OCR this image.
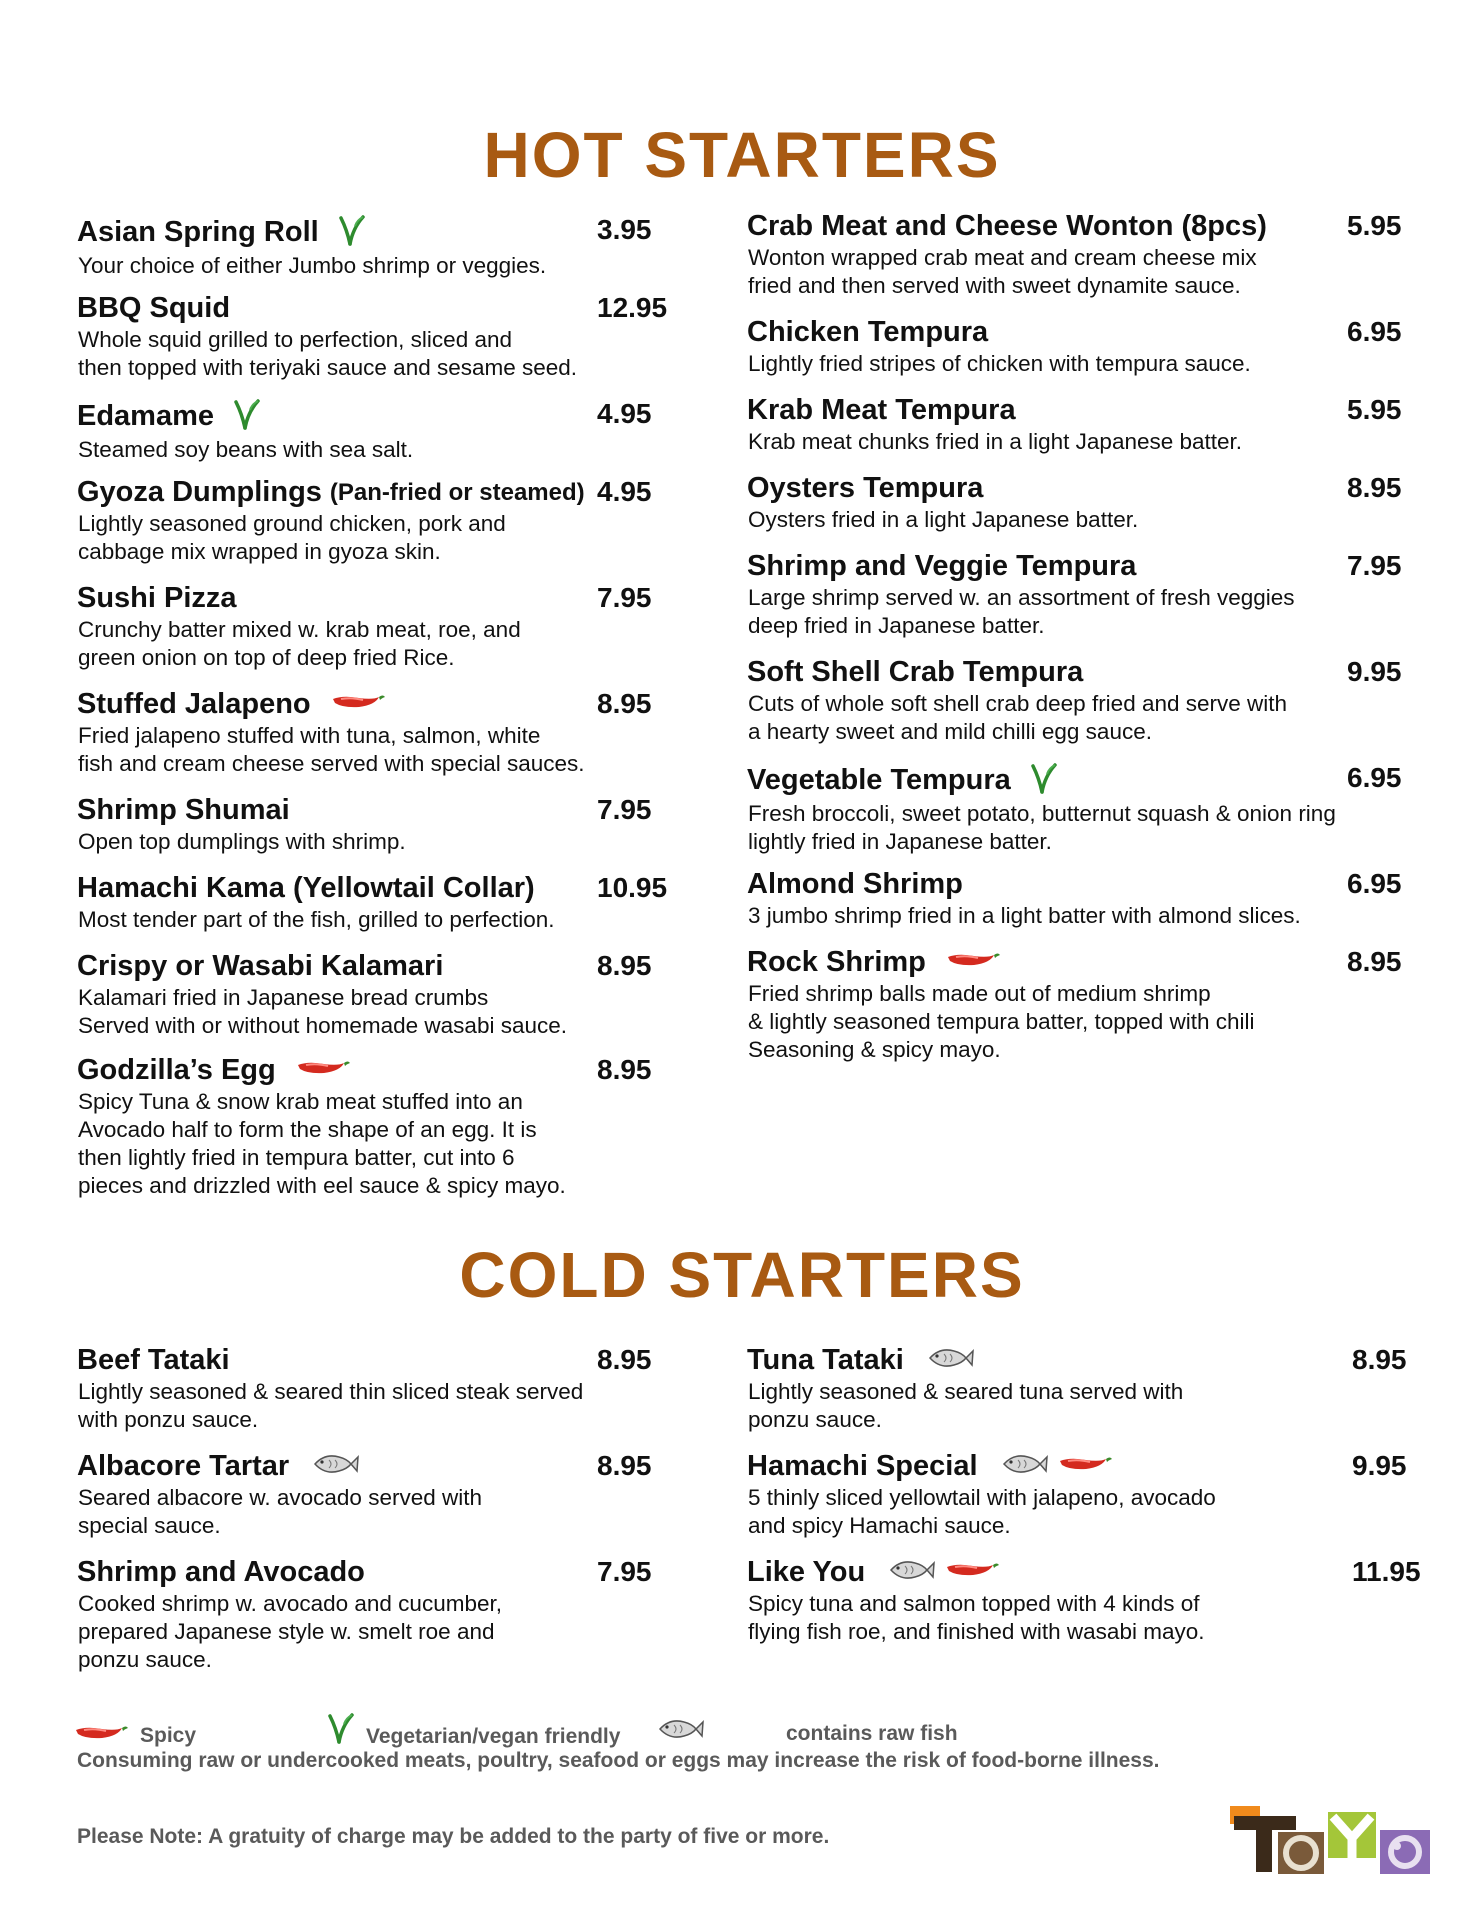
HOT STARTERS
Asian Spring Roll	3.95
Your choice of either Jumbo shrimp or veggies.
BBQ Squid	12.95
Whole squid grilled to perfection, sliced and
then topped with teriyaki sauce and sesame seed.
Edamame	4.95
Steamed soy beans with sea salt.
Gyoza Dumplings (Pan-fried or steamed) 4.95
Lightly seasoned ground chicken, pork and
cabbage mix wrapped in gyoza skin.
Sushi Pizza	7.95
Crunchy batter mixed w. krab meat, roe, and
green onion on top of deep fried Rice.
Stuffed Jalapeno	8.95
Fried jalapeno stuffed with tuna, salmon, white
fish and cream cheese served with special sauces.
Shrimp Shumai	7.95
Open top dumplings with shrimp.
Hamachi Kama (Yellowtail Collar) 10.95
Most tender part of the fish, grilled to perfection.
Crispy or Wasabi Kalamari	8.95
Kalamari fried in Japanese bread crumbs
Served with or without homemade wasabi sauce.
Godzilla’s Egg	8.95
Spicy Tuna & snow krab meat stuffed into an
Avocado half to form the shape of an egg. It is
then lightly fried in tempura batter, cut into 6
pieces and drizzled with eel sauce & spicy mayo.
Crab Meat and Cheese Wonton (8pcs)	5.95
Wonton wrapped crab meat and cream cheese mix
fried and then served with sweet dynamite sauce.
Chicken Tempura	6.95
Lightly fried stripes of chicken with tempura sauce.
Krab Meat Tempura	5.95
Krab meat chunks fried in a light Japanese batter.
Oysters Tempura	8.95
Oysters fried in a light Japanese batter.
Shrimp and Veggie Tempura	7.95
Large shrimp served w. an assortment of fresh veggies
deep fried in Japanese batter.
Soft Shell Crab Tempura	9.95
Cuts of whole soft shell crab deep fried and serve with
a hearty sweet and mild chilli egg sauce.
Vegetable Tempura	6.95
Fresh broccoli, sweet potato, butternut squash & onion ring
lightly fried in Japanese batter.
Almond Shrimp	6.95
3 jumbo shrimp fried in a light batter with almond slices.
Rock Shrimp	8.95
Fried shrimp balls made out of medium shrimp
& lightly seasoned tempura batter, topped with chili
Seasoning & spicy mayo.
COLD STARTERS
Beef Tataki	8.95
Lightly seasoned & seared thin sliced steak served
with ponzu sauce.
Albacore Tartar	8.95
Seared albacore w. avocado served with
special sauce.
Shrimp and Avocado	7.95
Cooked shrimp w. avocado and cucumber,
prepared Japanese style w. smelt roe and
ponzu sauce.
Tuna Tataki	8.95
Lightly seasoned & seared tuna served with
ponzu sauce.
Hamachi Special	9.95
5 thinly sliced yellowtail with jalapeno, avocado
and spicy Hamachi sauce.
Like You	11.95
Spicy tuna and salmon topped with 4 kinds of
flying fish roe, and finished with wasabi mayo.
Spicy	Vegetarian/vegan friendly	contains raw fish
Consuming raw or undercooked meats, poultry, seafood or eggs may increase the risk of food-borne illness.
Please Note: A gratuity of charge may be added to the party of five or more.
